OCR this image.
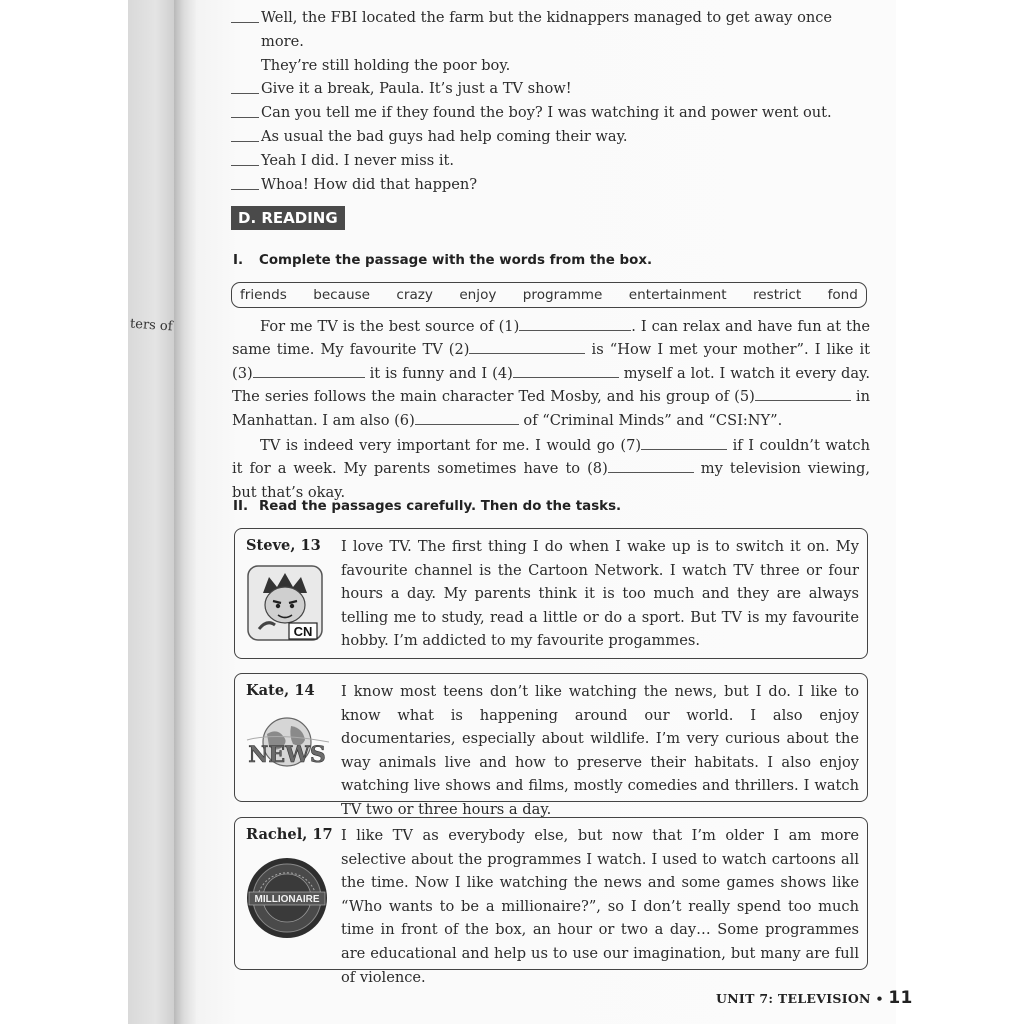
ters of
Well, the FBI located the farm but the kidnappers managed to get away once more.
They’re still holding the poor boy.
Give it a break, Paula. It’s just a TV show!
Can you tell me if they found the boy? I was watching it and power went out.
As usual the bad guys had help coming their way.
Yeah I did. I never miss it.
Whoa! How did that happen?
D. READING
I. Complete the passage with the words from the box.
friends because crazy enjoy programme entertainment restrict fond

For me TV is the best source of (1)	. I can relax and have fun at the same time. My favourite TV (2)	is “How I met your mother”. I like it (3)	it is funny and I (4)	myself a lot. I watch it every day. The series follows the main character Ted Mosby, and his group of (5)	in Manhattan. I am also (6)	of “Criminal Minds” and “CSI:NY”.

TV is indeed very important for me. I would go (7)	if I couldn’t watch it for a week. My parents sometimes have to (8)	my television viewing, but that’s okay.

II. Read the passages carefully. Then do the tasks.
Steve, 13
CN
I love TV. The first thing I do when I wake up is to switch it on. My favourite channel is the Cartoon Network. I watch TV three or four hours a day. My parents think it is too much and they are always telling me to study, read a little or do a sport. But TV is my favourite hobby. I’m addicted to my favourite progammes.
Kate, 14
NEWS
I know most teens don’t like watching the news, but I do. I like to know what is happening around our world. I also enjoy documentaries, especially about wildlife. I’m very curious about the way animals live and how to preserve their habitats. I also enjoy watching live shows and films, mostly comedies and thrillers. I watch TV two or three hours a day.
Rachel, 17
MILLIONAIRE
I like TV as everybody else, but now that I’m older I am more selective about the programmes I watch. I used to watch cartoons all the time. Now I like watching the news and some games shows like “Who wants to be a millionaire?”, so I don’t really spend too much time in front of the box, an hour or two a day… Some programmes are educational and help us to use our imagination, but many are full of violence.
UNIT 7: TELEVISION • 11
